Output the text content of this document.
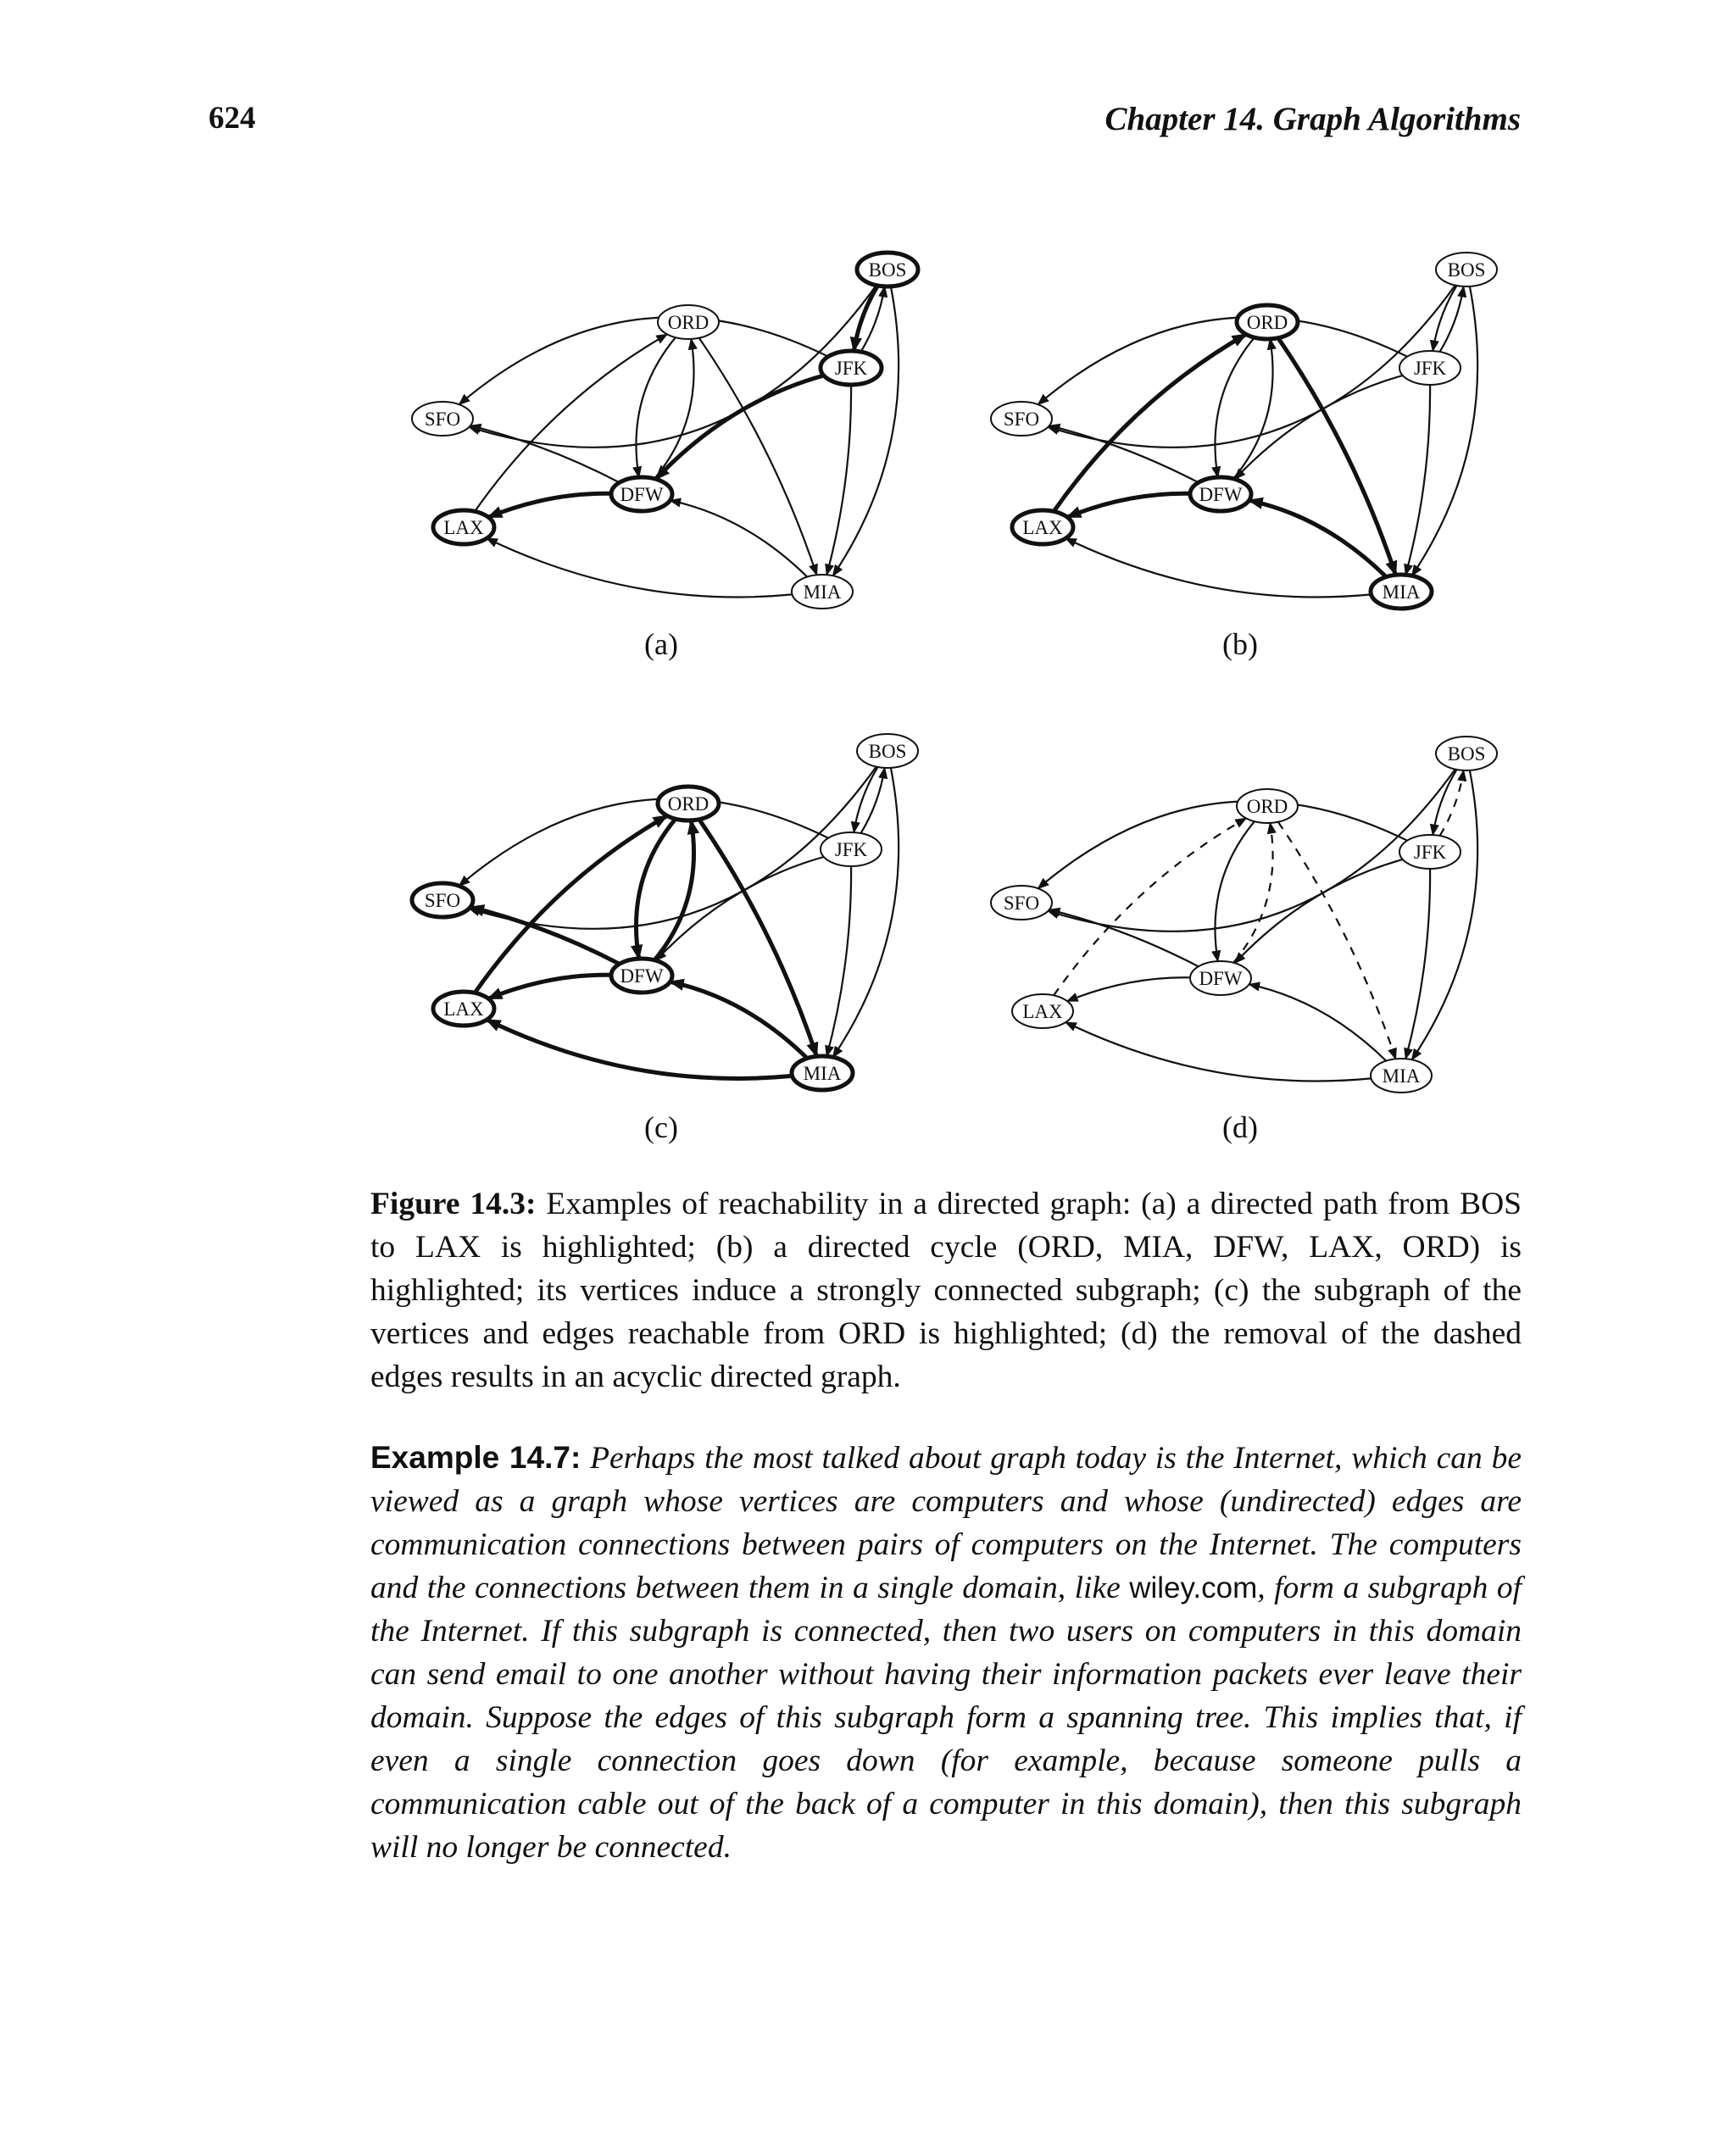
624	Chapter 14. Graph Algorithms
BOS
ORD
JFK
SFO
DFW
LAX
MIA
(a)
BOS
ORD
JFK
SFO
DFW
LAX
MIA
(b)
BOS
ORD
JFK
SFO
DFW
LAX
MIA
(c)
BOS
ORD
JFK
SFO
DFW
LAX
MIA
(d)
Figure 14.3: Examples of reachability in a directed graph: (a) a directed path from BOS to LAX is highlighted; (b) a directed cycle (ORD, MIA, DFW, LAX, ORD) is highlighted; its vertices induce a strongly connected subgraph; (c) the subgraph of the vertices and edges reachable from ORD is highlighted; (d) the removal of the dashed edges results in an acyclic directed graph.
Example 14.7: Perhaps the most talked about graph today is the Internet, which can be viewed as a graph whose vertices are computers and whose (undirected) edges are communication connections between pairs of computers on the Internet. The computers and the connections between them in a single domain, like wiley.com, form a subgraph of the Internet. If this subgraph is connected, then two users on computers in this domain can send email to one another without having their information packets ever leave their domain. Suppose the edges of this subgraph form a spanning tree. This implies that, if even a single connection goes down (for example, because someone pulls a communication cable out of the back of a computer in this domain), then this subgraph will no longer be connected.
